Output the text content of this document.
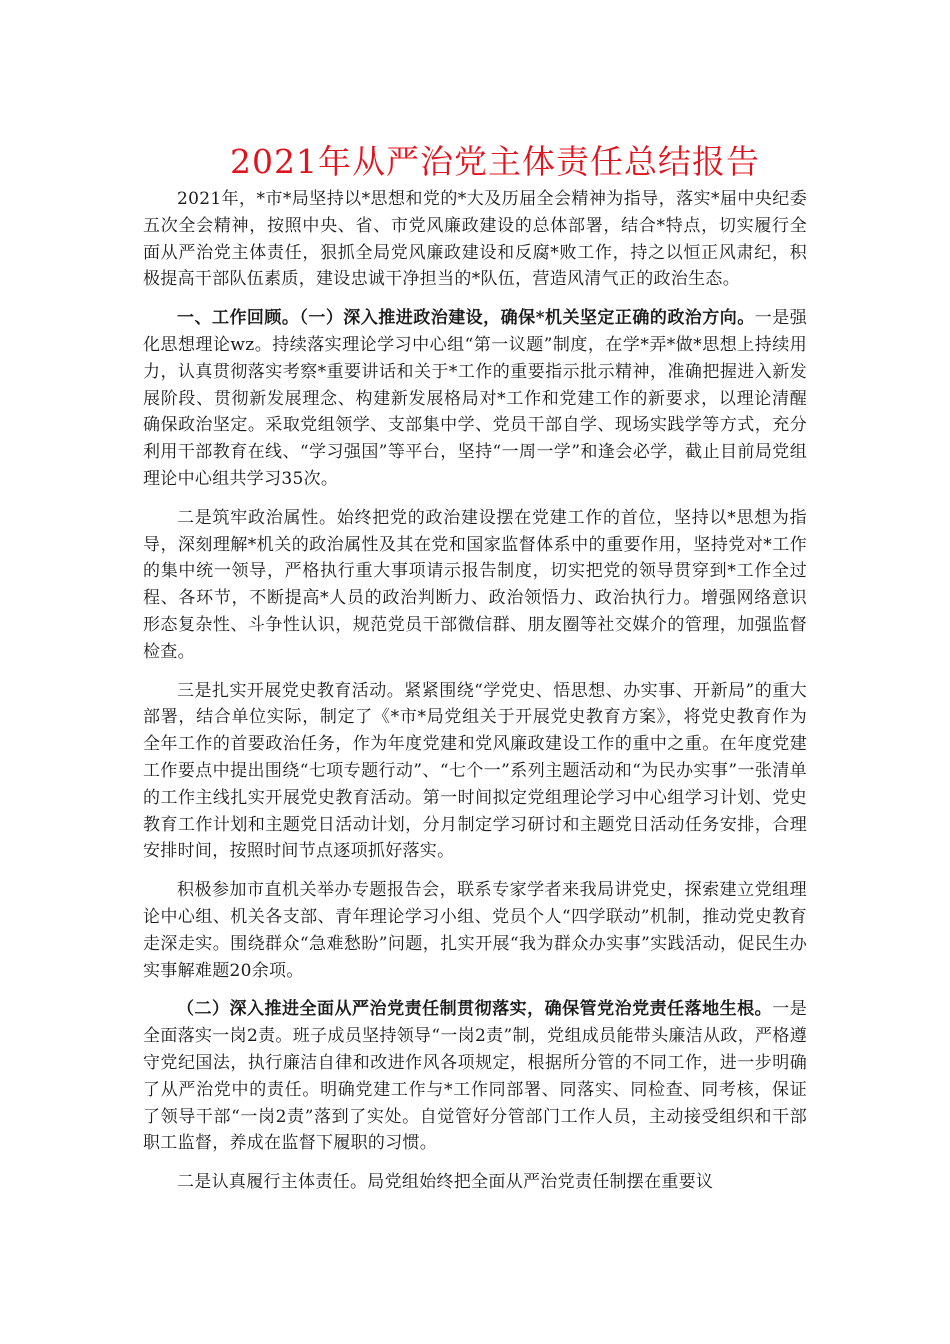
2021年从严治党主体责任总结报告

2021年，*市*局坚持以*思想和党的*大及历届全会精神为指导，落实*届中央纪委五次全会精神，按照中央、省、市党风廉政建设的总体部署，结合*特点，切实履行全面从严治党主体责任，狠抓全局党风廉政建设和反腐*败工作，持之以恒正风肃纪，积极提高干部队伍素质，建设忠诚干净担当的*队伍，营造风清气正的政治生态。

一、工作回顾。（一）深入推进政治建设，确保*机关坚定正确的政治方向。一是强化思想理论wz。持续落实理论学习中心组“第一议题”制度，在学*弄*做*思想上持续用力，认真贯彻落实考察*重要讲话和关于*工作的重要指示批示精神，准确把握进入新发展阶段、贯彻新发展理念、构建新发展格局对*工作和党建工作的新要求，以理论清醒确保政治坚定。采取党组领学、支部集中学、党员干部自学、现场实践学等方式，充分利用干部教育在线、“学习强国”等平台，坚持“一周一学”和逢会必学，截止目前局党组理论中心组共学习35次。

二是筑牢政治属性。始终把党的政治建设摆在党建工作的首位，坚持以*思想为指导，深刻理解*机关的政治属性及其在党和国家监督体系中的重要作用，坚持党对*工作的集中统一领导，严格执行重大事项请示报告制度，切实把党的领导贯穿到*工作全过程、各环节，不断提高*人员的政治判断力、政治领悟力、政治执行力。增强网络意识形态复杂性、斗争性认识，规范党员干部微信群、朋友圈等社交媒介的管理，加强监督检查。

三是扎实开展党史教育活动。紧紧围绕“学党史、悟思想、办实事、开新局”的重大部署，结合单位实际，制定了《*市*局党组关于开展党史教育方案》，将党史教育作为全年工作的首要政治任务，作为年度党建和党风廉政建设工作的重中之重。在年度党建工作要点中提出围绕“七项专题行动”、“七个一”系列主题活动和“为民办实事”一张清单的工作主线扎实开展党史教育活动。第一时间拟定党组理论学习中心组学习计划、党史教育工作计划和主题党日活动计划，分月制定学习研讨和主题党日活动任务安排，合理安排时间，按照时间节点逐项抓好落实。

积极参加市直机关举办专题报告会，联系专家学者来我局讲党史，探索建立党组理论中心组、机关各支部、青年理论学习小组、党员个人“四学联动”机制，推动党史教育走深走实。围绕群众“急难愁盼”问题，扎实开展“我为群众办实事”实践活动，促民生办实事解难题20余项。

（二）深入推进全面从严治党责任制贯彻落实，确保管党治党责任落地生根。一是全面落实一岗2责。班子成员坚持领导“一岗2责”制，党组成员能带头廉洁从政，严格遵守党纪国法，执行廉洁自律和改进作风各项规定，根据所分管的不同工作，进一步明确了从严治党中的责任。明确党建工作与*工作同部署、同落实、同检查、同考核，保证了领导干部“一岗2责”落到了实处。自觉管好分管部门工作人员，主动接受组织和干部职工监督，养成在监督下履职的习惯。

二是认真履行主体责任。局党组始终把全面从严治党责任制摆在重要议
